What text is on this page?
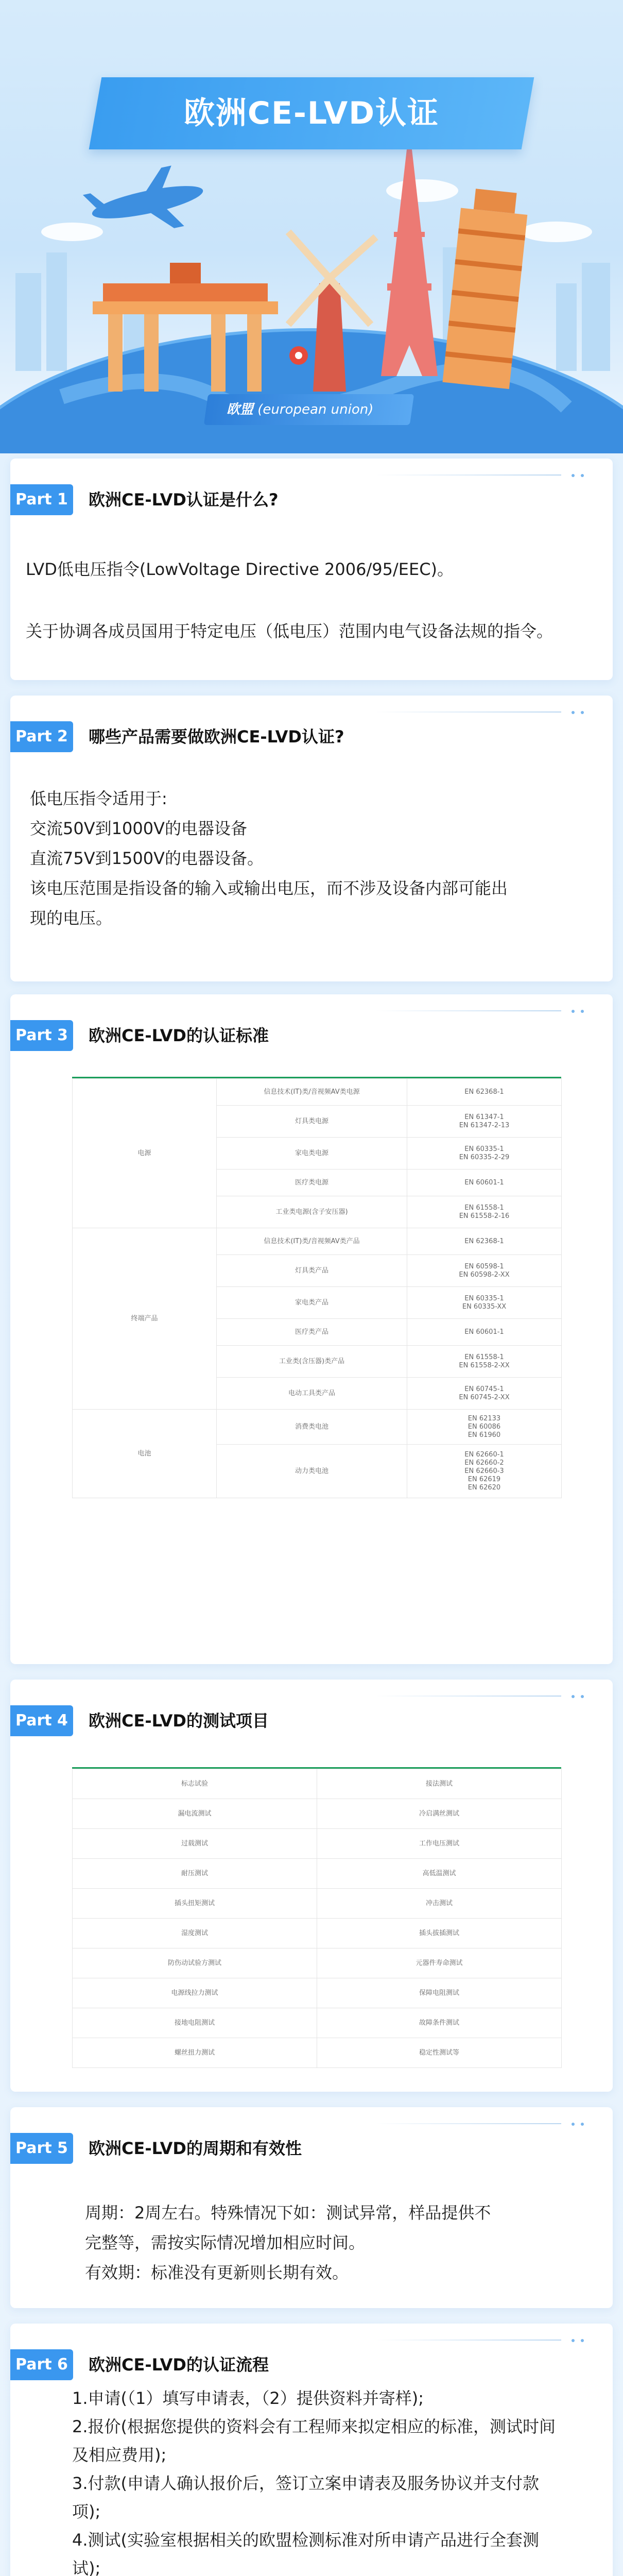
欧洲CE-LVD认证
欧盟 (european union)
Part 1	欧洲CE-LVD认证是什么?
LVD低电压指令(LowVoltage Directive 2006/95/EEC)。
关于协调各成员国用于特定电压（低电压）范围内电气设备法规的指令。
Part 2	哪些产品需要做欧洲CE-LVD认证?
低电压指令适用于:
交流50V到1000V的电器设备
直流75V到1500V的电器设备。
该电压范围是指设备的输入或输出电压，而不涉及设备内部可能出
现的电压。
Part 3	欧洲CE-LVD的认证标准
电源	信息技术(IT)类/音视频AV类电源	EN 62368-1
	灯具类电源	EN 61347-1
EN 61347-2-13
	家电类电源	EN 60335-1
EN 60335-2-29
	医疗类电源	EN 60601-1
	工业类电源(含子安压器)	EN 61558-1
EN 61558-2-16
终端产品	信息技术(IT)类/音视频AV类产品	EN 62368-1
	灯具类产品	EN 60598-1
EN 60598-2-XX
	家电类产品	EN 60335-1
EN 60335-XX
	医疗类产品	EN 60601-1
	工业类(含压器)类产品	EN 61558-1
EN 61558-2-XX
	电动工具类产品	EN 60745-1
EN 60745-2-XX
电池	消费类电池	EN 62133
EN 60086
EN 61960
	动力类电池	EN 62660-1
EN 62660-2
EN 62660-3
EN 62619
EN 62620
Part 4	欧洲CE-LVD的测试项目
标志试验	接法测试
漏电流测试	冷启满丝测试
过载测试	工作电压测试
耐压测试	高低温测试
插头扭矩测试	冲击测试
湿度测试	插头拔插测试
防伤动试验方测试	元器件寿命测试
电源线拉力测试	保障电阻测试
接地电阻测试	故障条件测试
螺丝扭力测试	稳定性测试等
Part 5	欧洲CE-LVD的周期和有效性
周期：2周左右。特殊情况下如：测试异常，样品提供不
完整等，需按实际情况增加相应时间。
有效期：标准没有更新则长期有效。
Part 6	欧洲CE-LVD的认证流程
1.申请(（1）填写申请表，（2）提供资料并寄样);
2.报价(根据您提供的资料会有工程师来拟定相应的标准，测试时间
及相应费用);
3.付款(申请人确认报价后，签订立案申请表及服务协议并支付款
项);
4.测试(实验室根据相关的欧盟检测标准对所申请产品进行全套测
试);
